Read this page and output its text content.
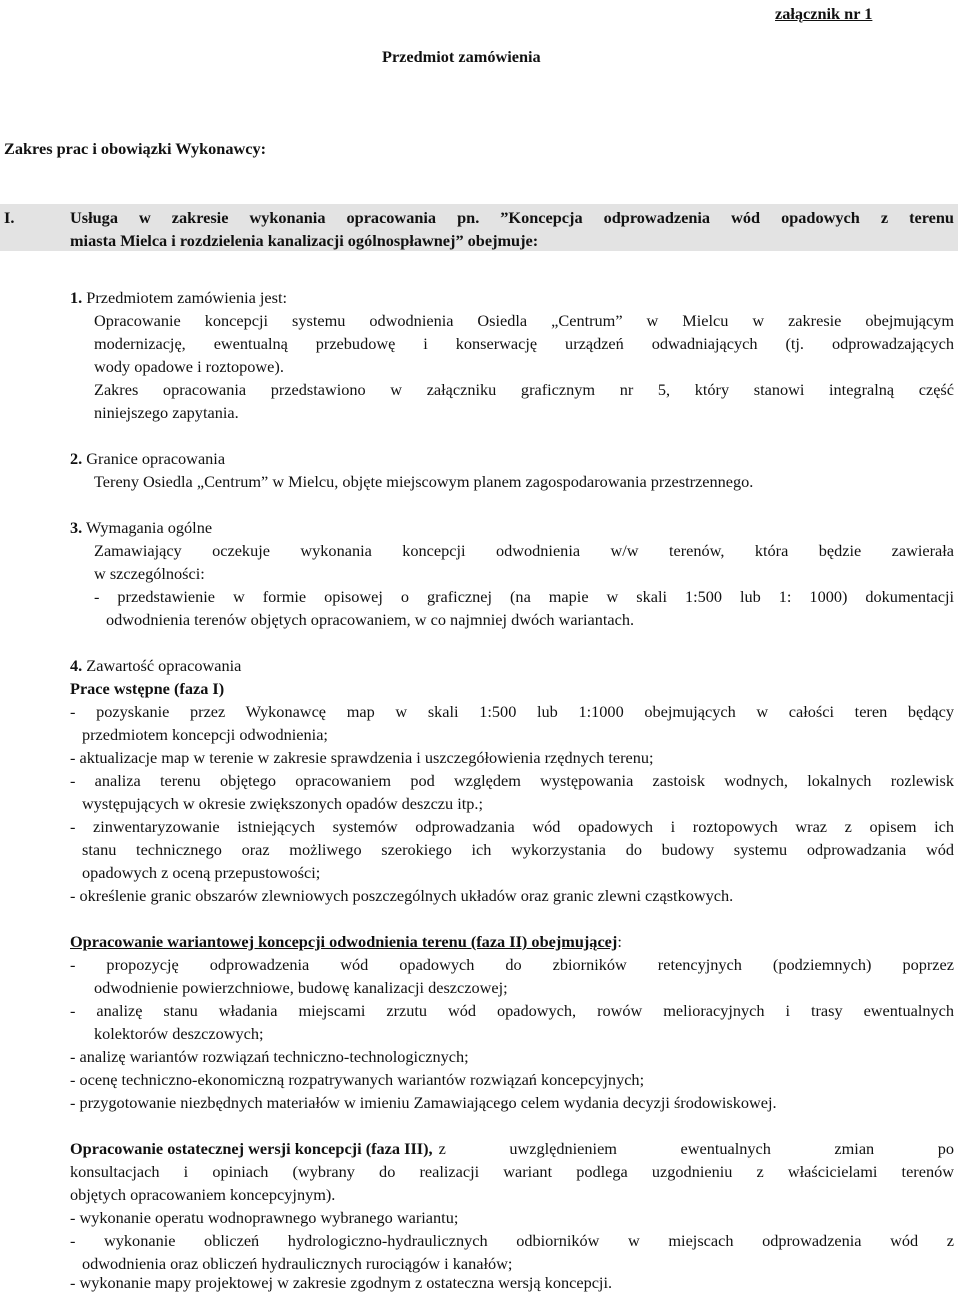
załącznik nr 1
Przedmiot zamówienia
Zakres prac i obowiązki Wykonawcy:
I.	Usługa w zakresie wykonania opracowania pn. ”Koncepcja odprowadzenia wód opadowych z terenu
miasta Mielca i rozdzielenia kanalizacji ogólnospławnej” obejmuje:
1. Przedmiotem zamówienia jest:
Opracowanie koncepcji systemu odwodnienia Osiedla „Centrum” w Mielcu w zakresie obejmującym
modernizację, ewentualną przebudowę i konserwację urządzeń odwadniających (tj. odprowadzających
wody opadowe i roztopowe).
Zakres opracowania przedstawiono w załączniku graficznym nr 5, który stanowi integralną część
niniejszego zapytania.
2. Granice opracowania
Tereny Osiedla „Centrum” w Mielcu, objęte miejscowym planem zagospodarowania przestrzennego.
3. Wymagania ogólne
Zamawiający oczekuje wykonania koncepcji odwodnienia w/w terenów, która będzie zawierała
w szczególności:
- przedstawienie w formie opisowej o graficznej (na mapie w skali 1:500 lub 1: 1000) dokumentacji
odwodnienia terenów objętych opracowaniem, w co najmniej dwóch wariantach.
4. Zawartość opracowania
Prace wstępne (faza I)
- pozyskanie przez Wykonawcę map w skali 1:500 lub 1:1000 obejmujących w całości teren będący
przedmiotem koncepcji odwodnienia;
- aktualizacje map w terenie w zakresie sprawdzenia i uszczegółowienia rzędnych terenu;
- analiza terenu objętego opracowaniem pod względem występowania zastoisk wodnych, lokalnych rozlewisk
występujących w okresie zwiększonych opadów deszczu itp.;
- zinwentaryzowanie istniejących systemów odprowadzania wód opadowych i roztopowych wraz z opisem ich
stanu technicznego oraz możliwego szerokiego ich wykorzystania do budowy systemu odprowadzania wód
opadowych z oceną przepustowości;
- określenie granic obszarów zlewniowych poszczególnych układów oraz granic zlewni cząstkowych.
Opracowanie wariantowej koncepcji odwodnienia terenu (faza II) obejmującej:
- propozycję odprowadzenia wód opadowych do zbiorników retencyjnych (podziemnych) poprzez
odwodnienie powierzchniowe, budowę kanalizacji deszczowej;
- analizę stanu władania miejscami zrzutu wód opadowych, rowów melioracyjnych i trasy ewentualnych
kolektorów deszczowych;
- analizę wariantów rozwiązań techniczno-technologicznych;
- ocenę techniczno-ekonomiczną rozpatrywanych wariantów rozwiązań koncepcyjnych;
- przygotowanie niezbędnych materiałów w imieniu Zamawiającego celem wydania decyzji środowiskowej.
Opracowanie ostatecznej wersji koncepcji (faza III), z uwzględnieniem ewentualnych zmian po
konsultacjach i opiniach (wybrany do realizacji wariant podlega uzgodnieniu z właścicielami terenów
objętych opracowaniem koncepcyjnym).
- wykonanie operatu wodnoprawnego wybranego wariantu;
- wykonanie obliczeń hydrologiczno-hydraulicznych odbiorników w miejscach odprowadzenia wód z
odwodnienia oraz obliczeń hydraulicznych rurociągów i kanałów;
- wykonanie mapy projektowej w zakresie zgodnym z ostateczna wersją koncepcji.
